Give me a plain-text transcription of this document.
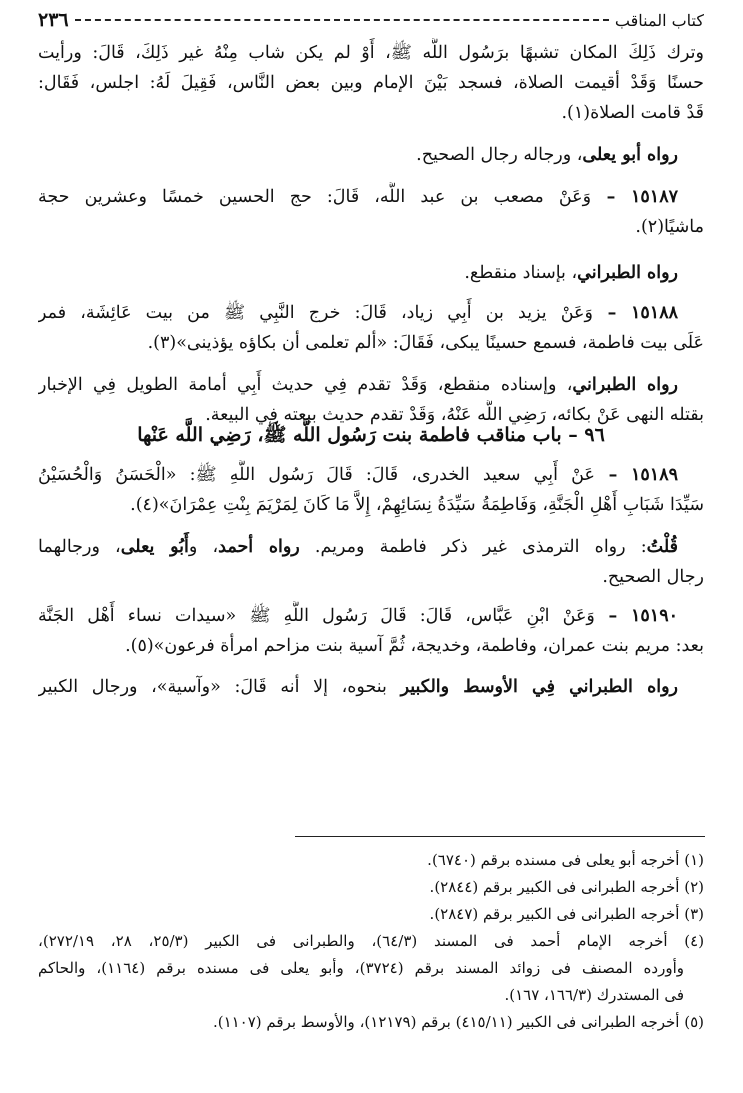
كتاب المناقب
٢٣٦
وترك ذَلِكَ المكان تشبهًا برَسُول اللَّه ﷺ، أَوْ لم يكن شاب مِنْهُ غير ذَلِكَ، قَالَ: ورأيت
حسنًا وَقَدْ أقيمت الصلاة، فسجد بَيْنَ الإمام وبين بعض النَّاس، فَقِيلَ لَهُ: اجلس، فَقَال:
قَدْ قامت الصلاة(١).
رواه أبو يعلى، ورجاله رجال الصحيح.
١٥١٨٧ – وَعَنْ مصعب بن عبد اللَّه، قَالَ: حج الحسين خمسًا وعشرين حجة
ماشيًا(٢).
رواه الطبراني، بإسناد منقطع.
١٥١٨٨ – وَعَنْ يزيد بن أَبِي زياد، قَالَ: خرج النَّبِي ﷺ من بيت عَائِشَة، فمر
عَلَى بيت فاطمة، فسمع حسينًا يبكى، فَقَالَ: «ألم تعلمى أن بكاؤه يؤذينى»(٣).
رواه الطبراني، وإسناده منقطع، وَقَدْ تقدم فِي حديث أَبِي أمامة الطويل فِي الإخبار
بقتله النهى عَنْ بكائه، رَضِي اللَّه عَنْهُ، وَقَدْ تقدم حديث بيعته فِي البيعة.
١٥١٨٩ – عَنْ أَبِي سعيد الخدرى، قَالَ: قَالَ رَسُول اللَّهِ ﷺ: «الْحَسَنُ وَالْحُسَيْنُ
سَيِّدَا شَبَابِ أَهْلِ الْجَنَّةِ، وَفَاطِمَةُ سَيِّدَةُ نِسَائِهِمْ، إِلاَّ مَا كَانَ لِمَرْيَمَ بِنْتِ عِمْرَانَ»(٤).
قُلْتُ: رواه الترمذى غير ذكر فاطمة ومريم. رواه أحمد، وأَبُو يعلى، ورجالهما
رجال الصحيح.
١٥١٩٠ – وَعَنْ ابْنِ عَبَّاس، قَالَ: قَالَ رَسُول اللَّهِ ﷺ «سيدات نساء أَهْل الجَنَّة
بعد: مريم بنت عمران، وفاطمة، وخديجة، ثُمَّ آسية بنت مزاحم امرأة فرعون»(٥).
رواه الطبراني فِي الأوسط والكبير بنحوه، إلا أنه قَالَ: «وآسية»، ورجال الكبير
٩٦ – باب مناقب فاطمة بنت رَسُول اللَّه ﷺ، رَضِي اللَّه عَنْها
(١) أخرجه أبو يعلى فى مسنده برقم (٦٧٤٠).
(٢) أخرجه الطبرانى فى الكبير برقم (٢٨٤٤).
(٣) أخرجه الطبرانى فى الكبير برقم (٢٨٤٧).
(٤) أخرجه الإمام أحمد فى المسند (٦٤/٣)، والطبرانى فى الكبير (٢٥/٣، ٢٨، ٢٧٢/١٩)،
وأورده المصنف فى زوائد المسند برقم (٣٧٢٤)، وأبو يعلى فى مسنده برقم (١١٦٤)، والحاكم
فى المستدرك (١٦٦/٣، ١٦٧).
(٥) أخرجه الطبرانى فى الكبير (٤١٥/١١) برقم (١٢١٧٩)، والأوسط برقم (١١٠٧).
